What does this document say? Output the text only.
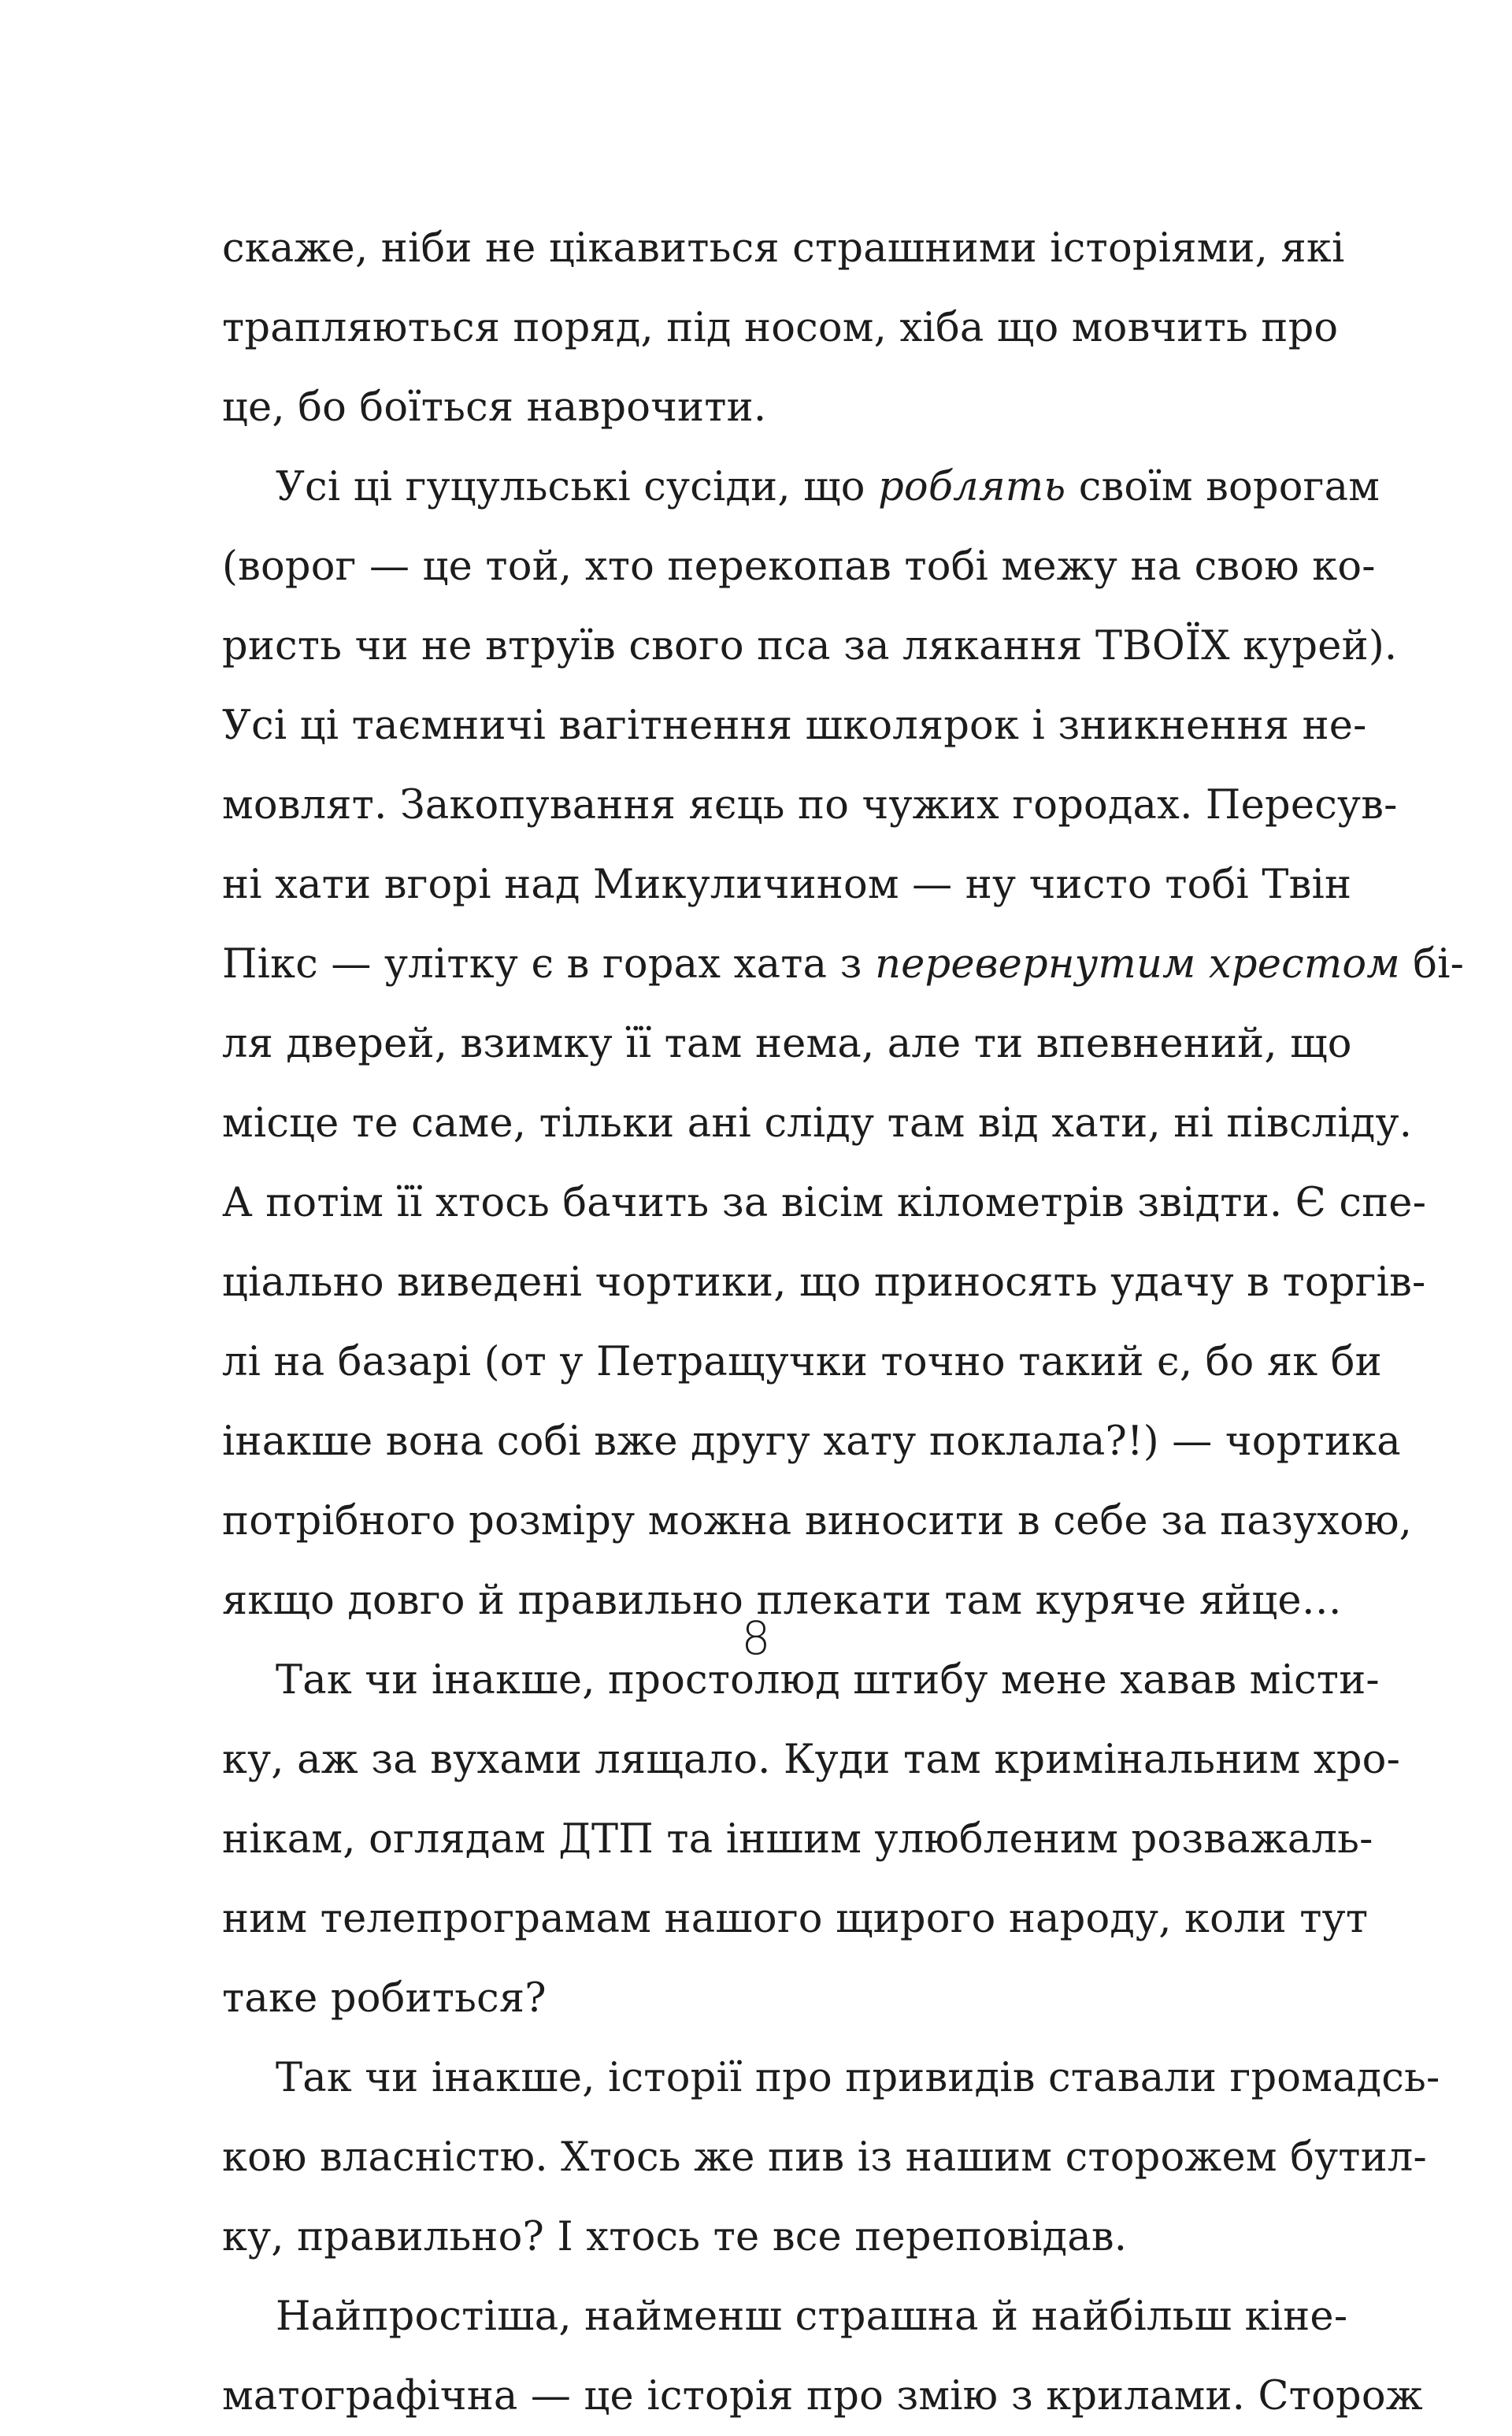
скаже, ніби не цікавиться страшними історіями, які
трапляються поряд, під носом, хіба що мовчить про
це, бо боїться наврочити.
Усі ці гуцульські сусіди, що роблять своїм ворогам
(ворог — це той, хто перекопав тобі межу на свою ко-
ристь чи не втруїв свого пса за лякання ТВОЇХ курей).
Усі ці таємничі вагітнення школярок і зникнення не-
мовлят. Закопування яєць по чужих городах. Пересув-
ні хати вгорі над Микуличином — ну чисто тобі Твін
Пікс — улітку є в горах хата з перевернутим хрестом бі-
ля дверей, взимку її там нема, але ти впевнений, що
місце те саме, тільки ані сліду там від хати, ні півсліду.
А потім її хтось бачить за вісім кілометрів звідти. Є спе-
ціально виведені чортики, що приносять удачу в торгів-
лі на базарі (от у Петращучки точно такий є, бо як би
інакше вона собі вже другу хату поклала?!) — чортика
потрібного розміру можна виносити в себе за пазухою,
якщо довго й правильно плекати там куряче яйце…
Так чи інакше, простолюд штибу мене хавав місти-
ку, аж за вухами лящало. Куди там кримінальним хро-
нікам, оглядам ДТП та іншим улюбленим розважаль-
ним телепрограмам нашого щирого народу, коли тут
таке робиться?
Так чи інакше, історії про привидів ставали громадсь-
кою власністю. Хтось же пив із нашим сторожем бутил-
ку, правильно? І хтось те все переповідав.
Найпростіша, найменш страшна й найбільш кіне-
матографічна — це історія про змію з крилами. Сторож
8
